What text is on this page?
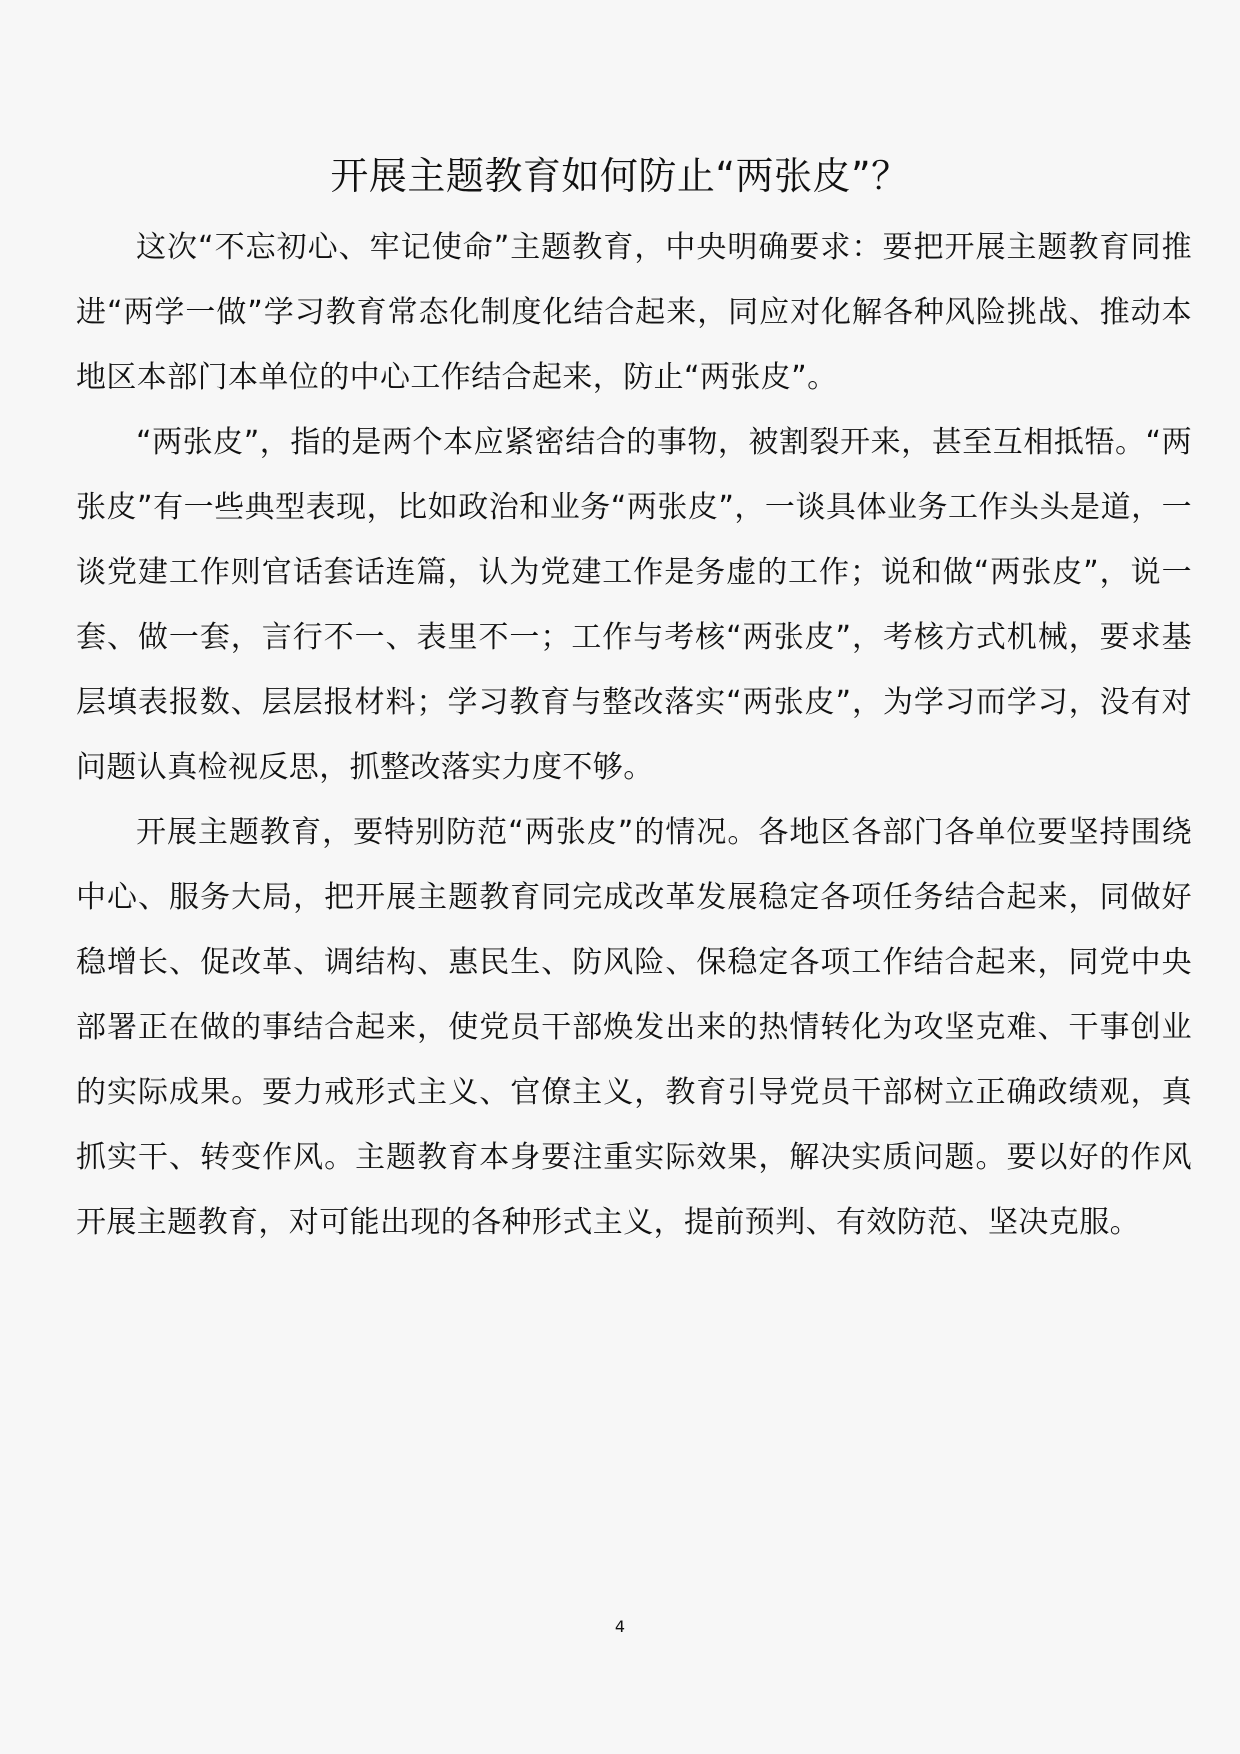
开展主题教育如何防止“两张皮”？

这次“不忘初心、牢记使命”主题教育，中央明确要求：要把开展主题教育同推进“两学一做”学习教育常态化制度化结合起来，同应对化解各种风险挑战、推动本地区本部门本单位的中心工作结合起来，防止“两张皮”。

“两张皮”，指的是两个本应紧密结合的事物，被割裂开来，甚至互相抵牾。“两张皮”有一些典型表现，比如政治和业务“两张皮”，一谈具体业务工作头头是道，一谈党建工作则官话套话连篇，认为党建工作是务虚的工作；说和做“两张皮”，说一套、做一套，言行不一、表里不一；工作与考核“两张皮”，考核方式机械，要求基层填表报数、层层报材料；学习教育与整改落实“两张皮”，为学习而学习，没有对问题认真检视反思，抓整改落实力度不够。

开展主题教育，要特别防范“两张皮”的情况。各地区各部门各单位要坚持围绕中心、服务大局，把开展主题教育同完成改革发展稳定各项任务结合起来，同做好稳增长、促改革、调结构、惠民生、防风险、保稳定各项工作结合起来，同党中央部署正在做的事结合起来，使党员干部焕发出来的热情转化为攻坚克难、干事创业的实际成果。要力戒形式主义、官僚主义，教育引导党员干部树立正确政绩观，真抓实干、转变作风。主题教育本身要注重实际效果，解决实质问题。要以好的作风开展主题教育，对可能出现的各种形式主义，提前预判、有效防范、坚决克服。

4
